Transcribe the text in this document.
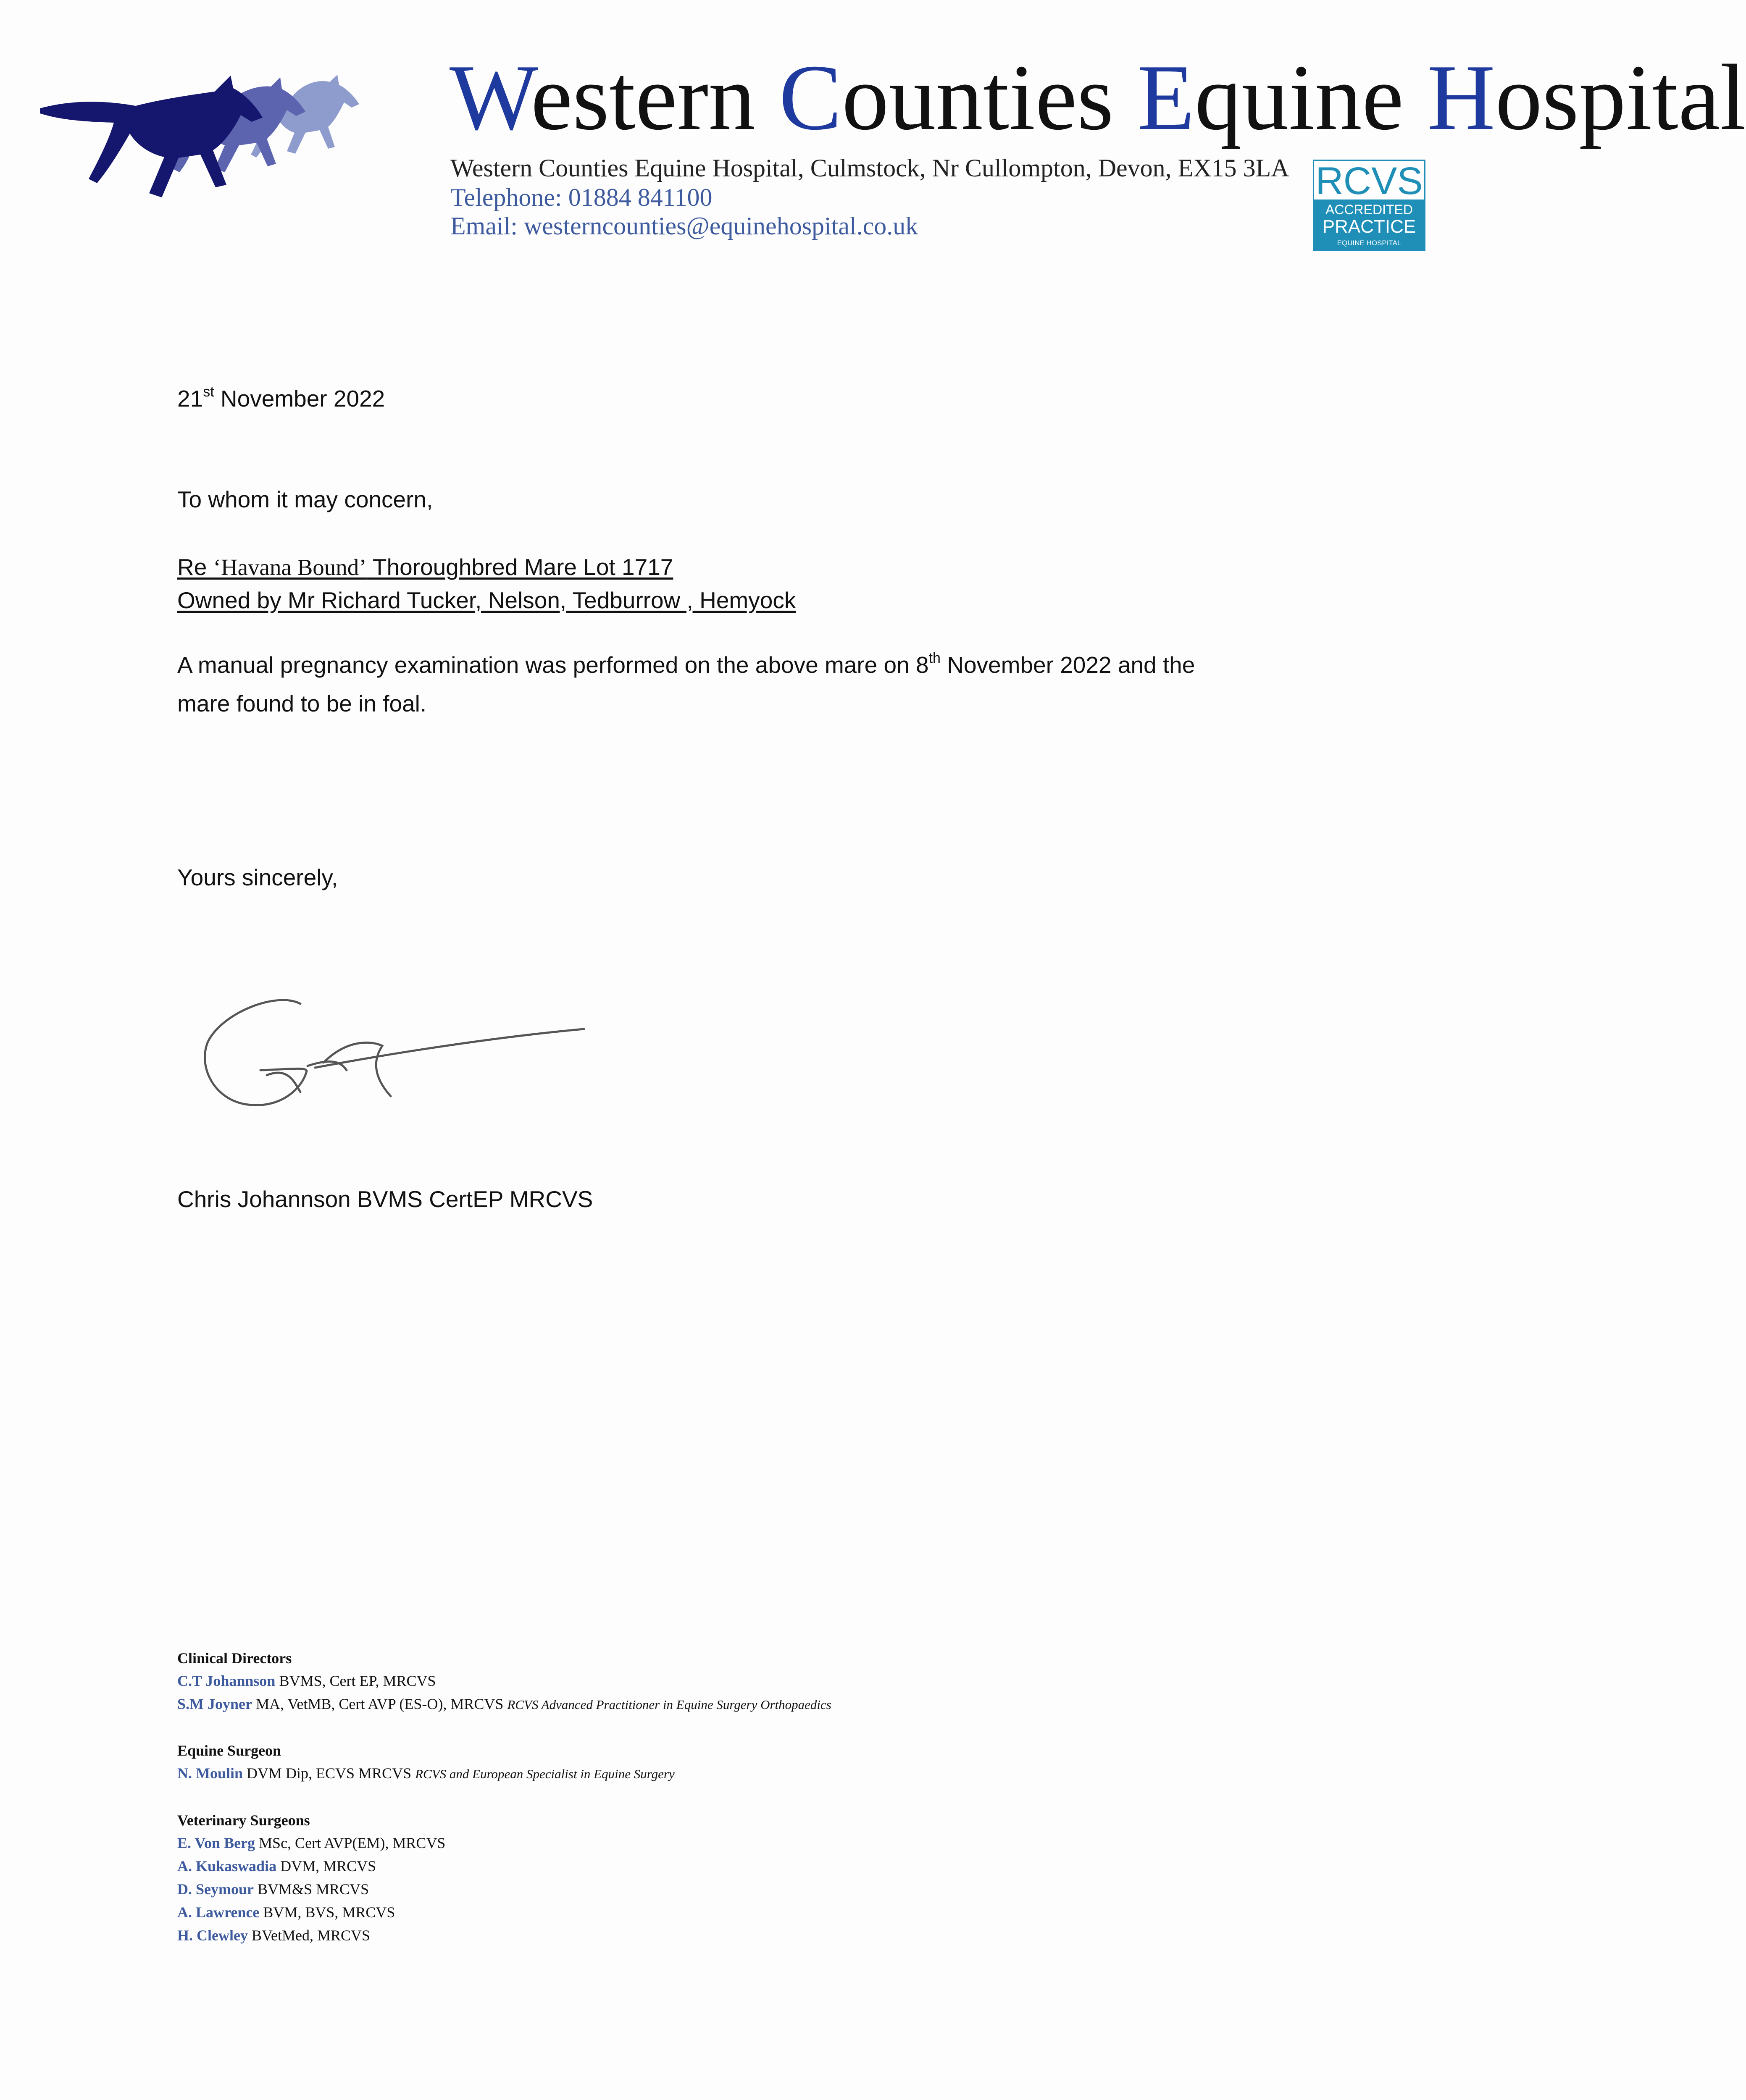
Western Counties Equine Hospital
Western Counties Equine Hospital, Culmstock, Nr Cullompton, Devon, EX15 3LA
Telephone: 01884 841100
Email: westerncounties@equinehospital.co.uk
RCVS
ACCREDITED
PRACTICE
EQUINE HOSPITAL
21st November 2022
To whom it may concern,
Re ‘Havana Bound’ Thoroughbred Mare Lot 1717
Owned by Mr Richard Tucker, Nelson, Tedburrow , Hemyock
A manual pregnancy examination was performed on the above mare on 8th November 2022 and the
mare found to be in foal.
Yours sincerely,
Chris Johannson BVMS CertEP MRCVS
Clinical Directors
C.T Johannson BVMS, Cert EP, MRCVS
S.M Joyner MA, VetMB, Cert AVP (ES-O), MRCVS RCVS Advanced Practitioner in Equine Surgery Orthopaedics
Equine Surgeon
N. Moulin DVM Dip, ECVS MRCVS RCVS and European Specialist in Equine Surgery
Veterinary Surgeons
E. Von Berg MSc, Cert AVP(EM), MRCVS
A. Kukaswadia DVM, MRCVS
D. Seymour BVM&S MRCVS
A. Lawrence BVM, BVS, MRCVS
H. Clewley BVetMed, MRCVS
